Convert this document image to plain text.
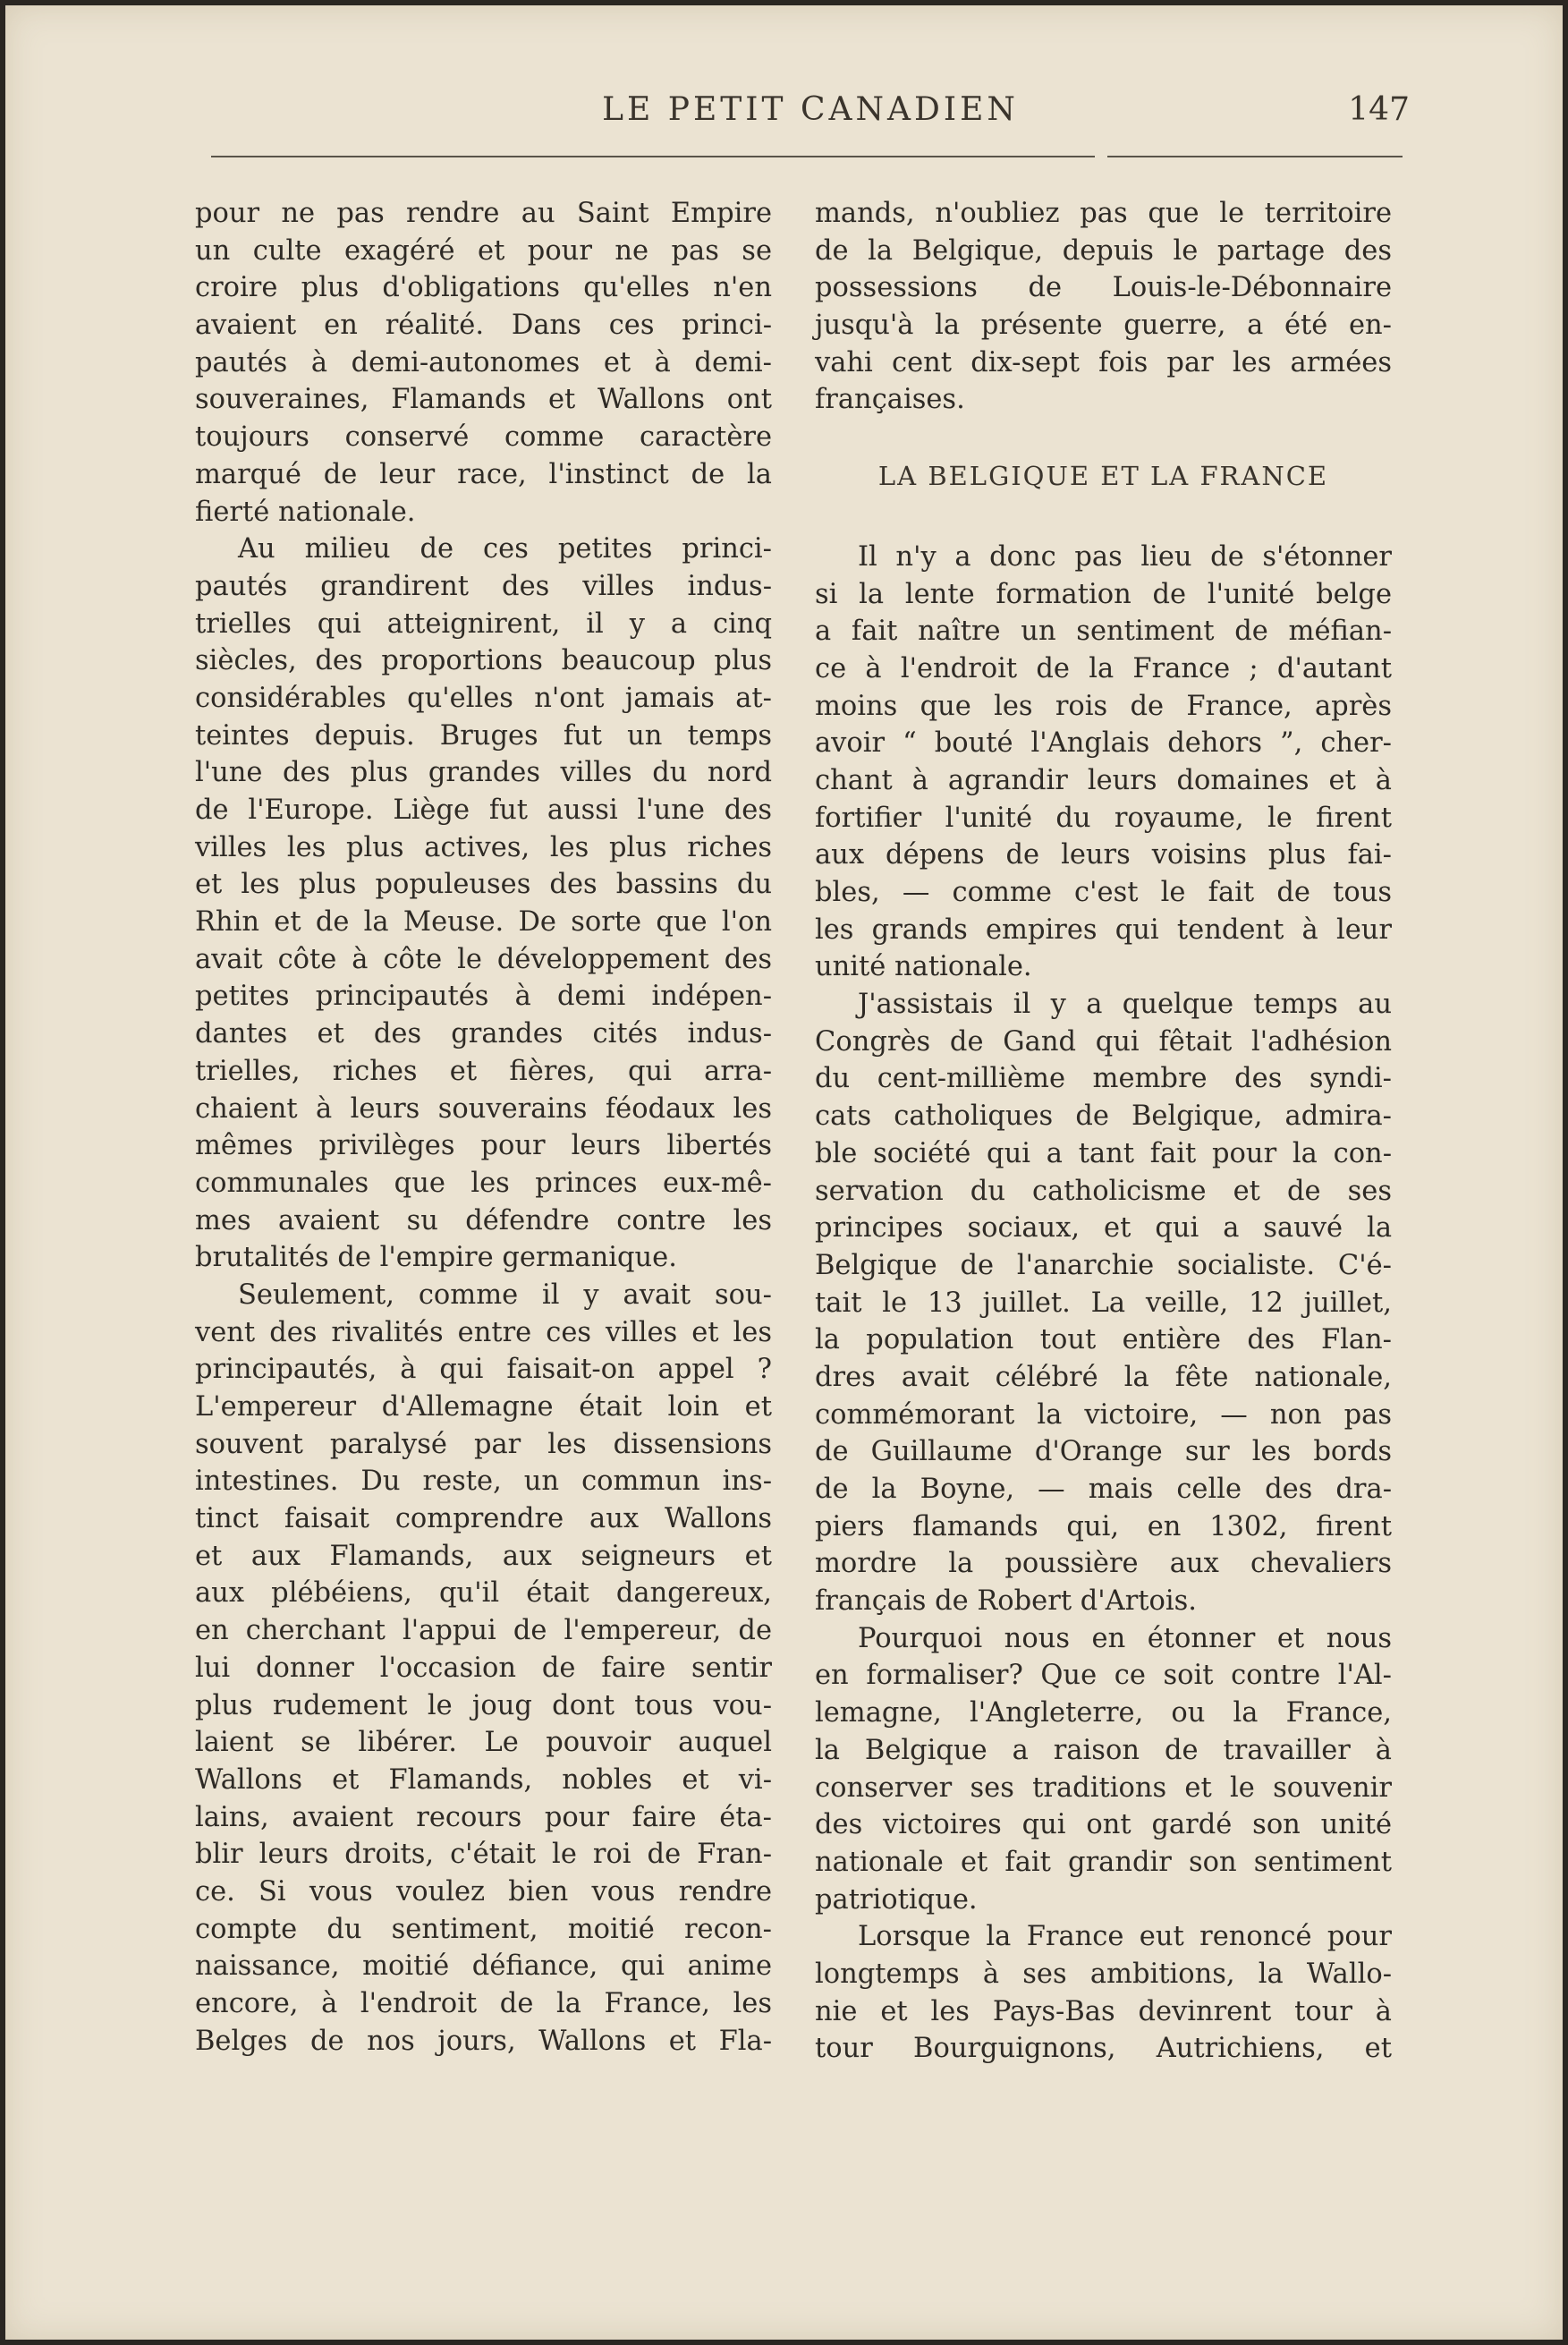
LE PETIT CANADIEN	147
pour ne pas rendre au Saint Empire
un culte exagéré et pour ne pas se
croire plus d'obligations qu'elles n'en
avaient en réalité. Dans ces princi-
pautés à demi-autonomes et à demi-
souveraines, Flamands et Wallons ont
toujours conservé comme caractère
marqué de leur race, l'instinct de la
fierté nationale.
Au milieu de ces petites princi-
pautés grandirent des villes indus-
trielles qui atteignirent, il y a cinq
siècles, des proportions beaucoup plus
considérables qu'elles n'ont jamais at-
teintes depuis. Bruges fut un temps
l'une des plus grandes villes du nord
de l'Europe. Liège fut aussi l'une des
villes les plus actives, les plus riches
et les plus populeuses des bassins du
Rhin et de la Meuse. De sorte que l'on
avait côte à côte le développement des
petites principautés à demi indépen-
dantes et des grandes cités indus-
trielles, riches et fières, qui arra-
chaient à leurs souverains féodaux les
mêmes privilèges pour leurs libertés
communales que les princes eux-mê-
mes avaient su défendre contre les
brutalités de l'empire germanique.
Seulement, comme il y avait sou-
vent des rivalités entre ces villes et les
principautés, à qui faisait-on appel ?
L'empereur d'Allemagne était loin et
souvent paralysé par les dissensions
intestines. Du reste, un commun ins-
tinct faisait comprendre aux Wallons
et aux Flamands, aux seigneurs et
aux plébéiens, qu'il était dangereux,
en cherchant l'appui de l'empereur, de
lui donner l'occasion de faire sentir
plus rudement le joug dont tous vou-
laient se libérer. Le pouvoir auquel
Wallons et Flamands, nobles et vi-
lains, avaient recours pour faire éta-
blir leurs droits, c'était le roi de Fran-
ce. Si vous voulez bien vous rendre
compte du sentiment, moitié recon-
naissance, moitié défiance, qui anime
encore, à l'endroit de la France, les
Belges de nos jours, Wallons et Fla-
mands, n'oubliez pas que le territoire
de la Belgique, depuis le partage des
possessions de Louis-le-Débonnaire
jusqu'à la présente guerre, a été en-
vahi cent dix-sept fois par les armées
françaises.
LA BELGIQUE ET LA FRANCE
Il n'y a donc pas lieu de s'étonner
si la lente formation de l'unité belge
a fait naître un sentiment de méfian-
ce à l'endroit de la France ; d'autant
moins que les rois de France, après
avoir “ bouté l'Anglais dehors ”, cher-
chant à agrandir leurs domaines et à
fortifier l'unité du royaume, le firent
aux dépens de leurs voisins plus fai-
bles, — comme c'est le fait de tous
les grands empires qui tendent à leur
unité nationale.
J'assistais il y a quelque temps au
Congrès de Gand qui fêtait l'adhésion
du cent-millième membre des syndi-
cats catholiques de Belgique, admira-
ble société qui a tant fait pour la con-
servation du catholicisme et de ses
principes sociaux, et qui a sauvé la
Belgique de l'anarchie socialiste. C'é-
tait le 13 juillet. La veille, 12 juillet,
la population tout entière des Flan-
dres avait célébré la fête nationale,
commémorant la victoire, — non pas
de Guillaume d'Orange sur les bords
de la Boyne, — mais celle des dra-
piers flamands qui, en 1302, firent
mordre la poussière aux chevaliers
français de Robert d'Artois.
Pourquoi nous en étonner et nous
en formaliser? Que ce soit contre l'Al-
lemagne, l'Angleterre, ou la France,
la Belgique a raison de travailler à
conserver ses traditions et le souvenir
des victoires qui ont gardé son unité
nationale et fait grandir son sentiment
patriotique.
Lorsque la France eut renoncé pour
longtemps à ses ambitions, la Wallo-
nie et les Pays-Bas devinrent tour à
tour Bourguignons, Autrichiens, et
